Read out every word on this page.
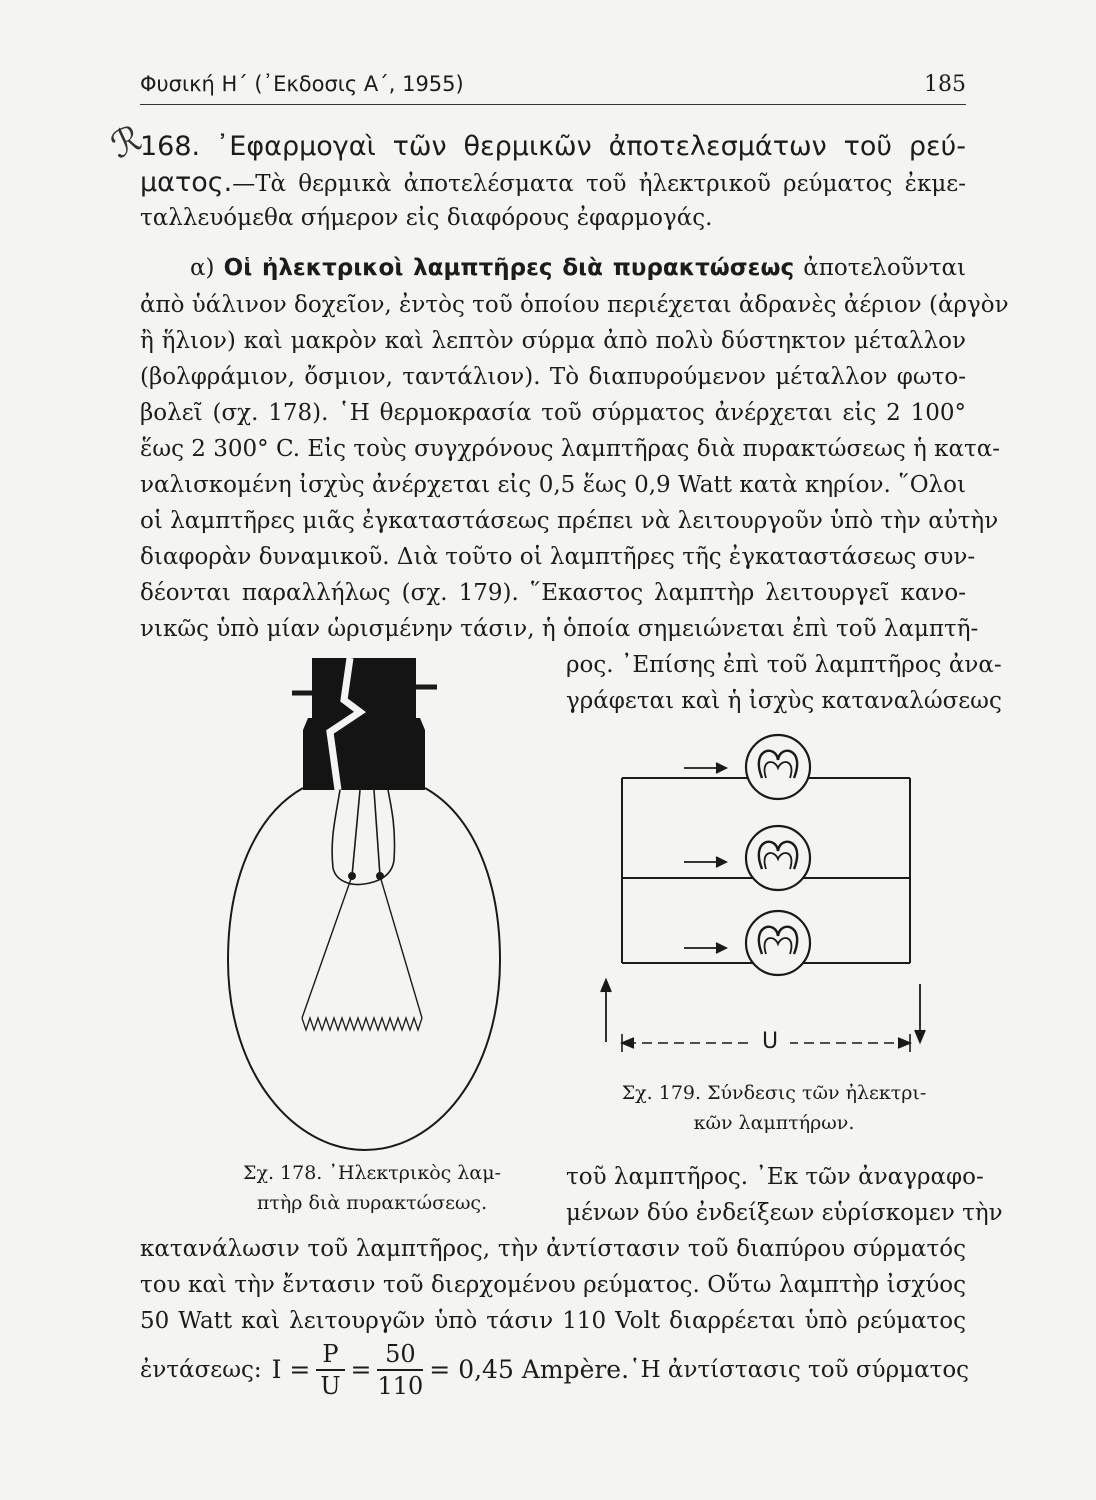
Φυσική Η΄ (᾿Εκδοσις Α΄, 1955)	185
ℛ
168. ᾿Εφαρμογαὶ τῶν θερμικῶν ἀποτελεσμάτων τοῦ ρεύ-
ματος.—Τὰ θερμικὰ ἀποτελέσματα τοῦ ἠλεκτρικοῦ ρεύματος ἐκμε-
ταλλευόμεθα σήμερον εἰς διαφόρους ἐφαρμογάς.
α) Οἱ ἠλεκτρικοὶ λαμπτῆρες διὰ πυρακτώσεως ἀποτελοῦνται
ἀπὸ ὑάλινον δοχεῖον, ἐντὸς τοῦ ὁποίου περιέχεται ἀδρανὲς ἀέριον (ἀργὸν
ἢ ἥλιον) καὶ μακρὸν καὶ λεπτὸν σύρμα ἀπὸ πολὺ δύστηκτον μέταλλον
(βολφράμιον, ὄσμιον, ταντάλιον). Τὸ διαπυρούμενον μέταλλον φωτο-
βολεῖ (σχ. 178). ῾Η θερμοκρασία τοῦ σύρματος ἀνέρχεται εἰς 2 100°
ἕως 2 300° C. Εἰς τοὺς συγχρόνους λαμπτῆρας διὰ πυρακτώσεως ἡ κατα-
ναλισκομένη ἰσχὺς ἀνέρχεται εἰς 0,5 ἕως 0,9 Watt κατὰ κηρίον. ῞Ολοι
οἱ λαμπτῆρες μιᾶς ἐγκαταστάσεως πρέπει νὰ λειτουργοῦν ὑπὸ τὴν αὐτὴν
διαφορὰν δυναμικοῦ. Διὰ τοῦτο οἱ λαμπτῆρες τῆς ἐγκαταστάσεως συν-
δέονται παραλλήλως (σχ. 179). ῞Εκαστος λαμπτὴρ λειτουργεῖ κανο-
νικῶς ὑπὸ μίαν ὡρισμένην τάσιν, ἡ ὁποία σημειώνεται ἐπὶ τοῦ λαμπτῆ-
ρος. ᾿Επίσης ἐπὶ τοῦ λαμπτῆρος ἀνα-
γράφεται καὶ ἡ ἰσχὺς καταναλώσεως
τοῦ λαμπτῆρος. ᾿Εκ τῶν ἀναγραφο-
μένων δύο ἐνδείξεων εὑρίσκομεν τὴν
κατανάλωσιν τοῦ λαμπτῆρος, τὴν ἀντίστασιν τοῦ διαπύρου σύρματός
του καὶ τὴν ἔντασιν τοῦ διερχομένου ρεύματος. Οὕτω λαμπτὴρ ἰσχύος
50 Watt καὶ λειτουργῶν ὑπὸ τάσιν 110 Volt διαρρέεται ὑπὸ ρεύματος
ἐντάσεως: $I = \frac{P}{U} = \frac{50}{110} = 0,45$ Ampère. ῾Η ἀντίστασις τοῦ σύρματος
U
Σχ. 178. ᾿Ηλεκτρικὸς λαμ-
πτὴρ διὰ πυρακτώσεως.
Σχ. 179. Σύνδεσις τῶν ἠλεκτρι-
κῶν λαμπτήρων.
